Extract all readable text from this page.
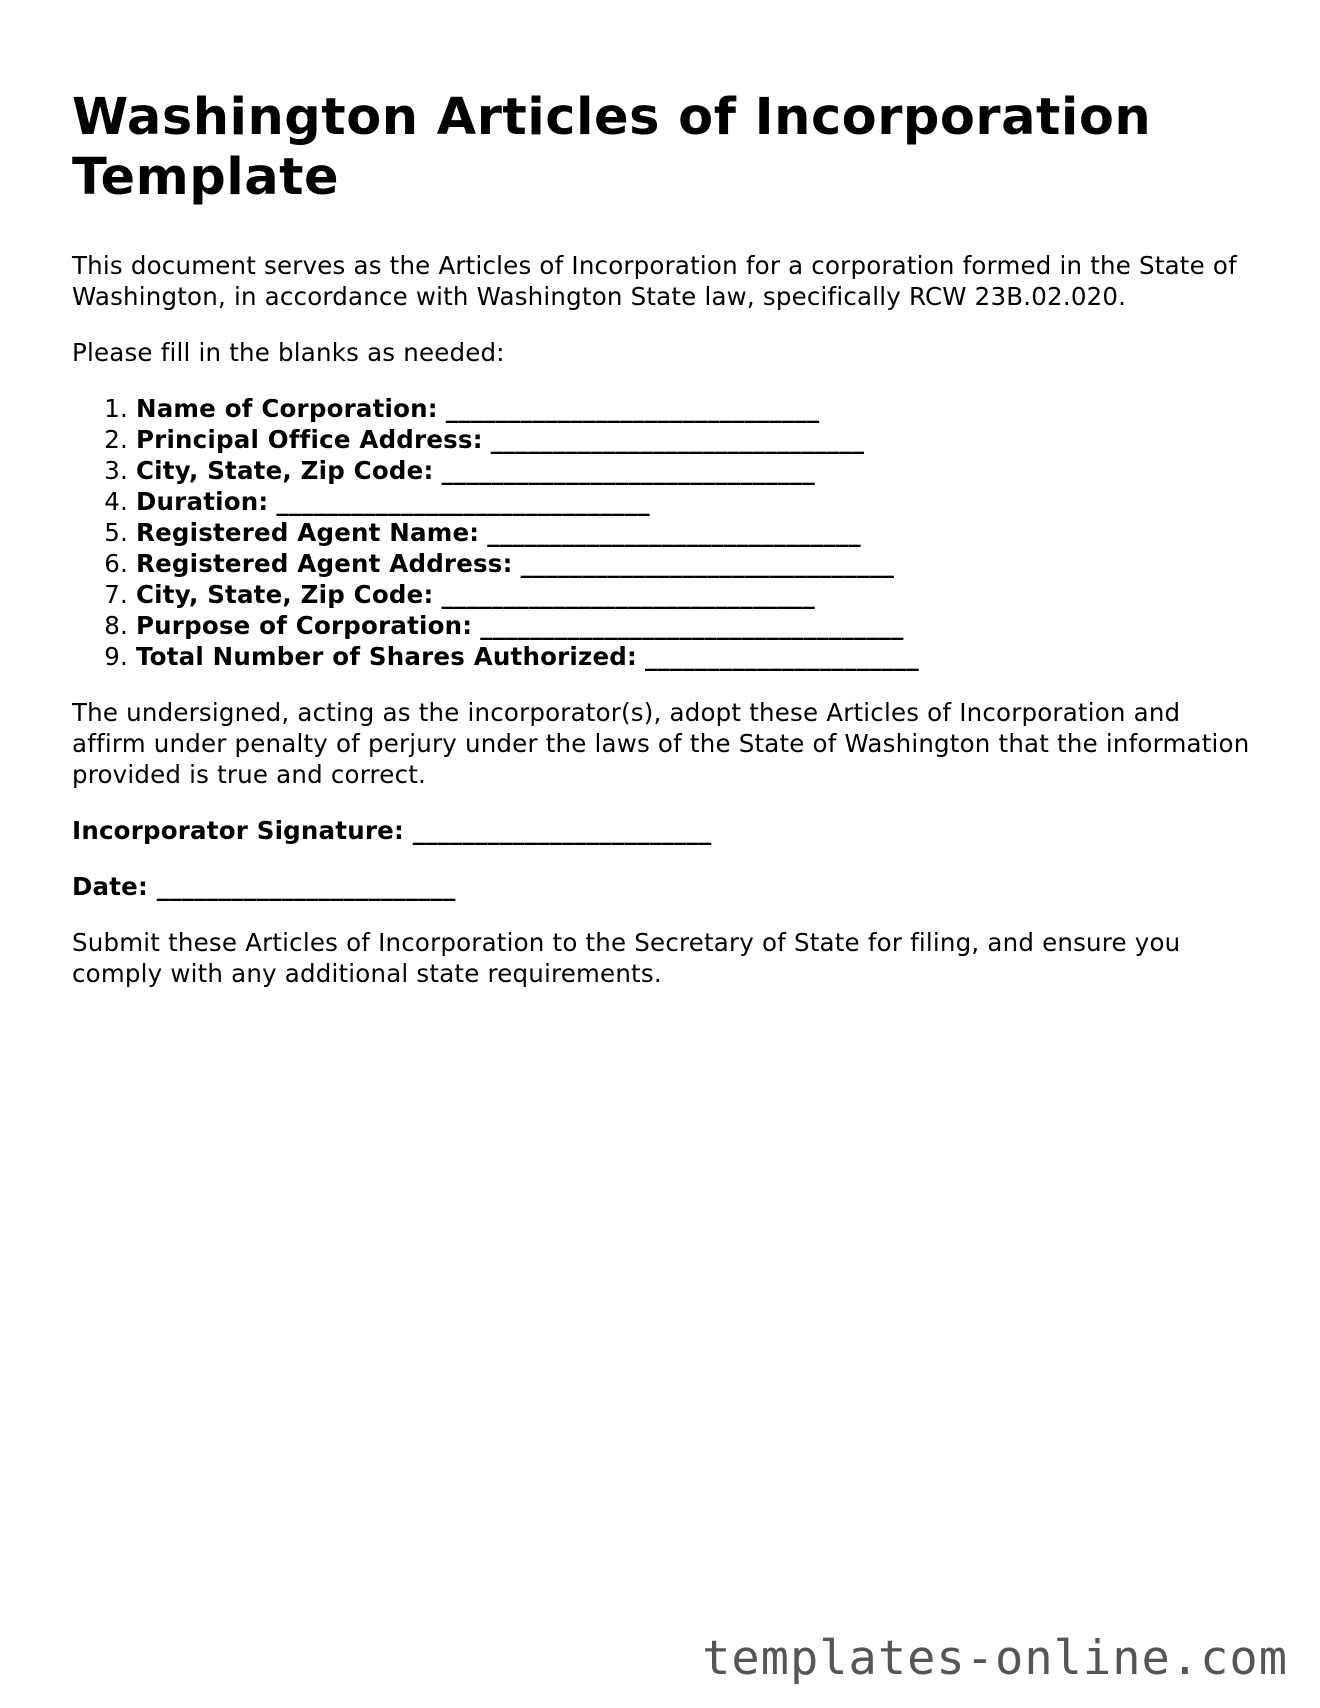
Washington Articles of Incorporation Template

This document serves as the Articles of Incorporation for a corporation formed in the State of Washington, in accordance with Washington State law, specifically RCW 23B.02.020.

Please fill in the blanks as needed:

1. Name of Corporation: ______________________________
2. Principal Office Address: ______________________________
3. City, State, Zip Code: ______________________________
4. Duration: ______________________________
5. Registered Agent Name: ______________________________
6. Registered Agent Address: ______________________________
7. City, State, Zip Code: ______________________________
8. Purpose of Corporation: __________________________________
9. Total Number of Shares Authorized: ______________________

The undersigned, acting as the incorporator(s), adopt these Articles of Incorporation and affirm under penalty of perjury under the laws of the State of Washington that the information provided is true and correct.

Incorporator Signature: ________________________

Date: ________________________

Submit these Articles of Incorporation to the Secretary of State for filing, and ensure you comply with any additional state requirements.

templates-online.com
